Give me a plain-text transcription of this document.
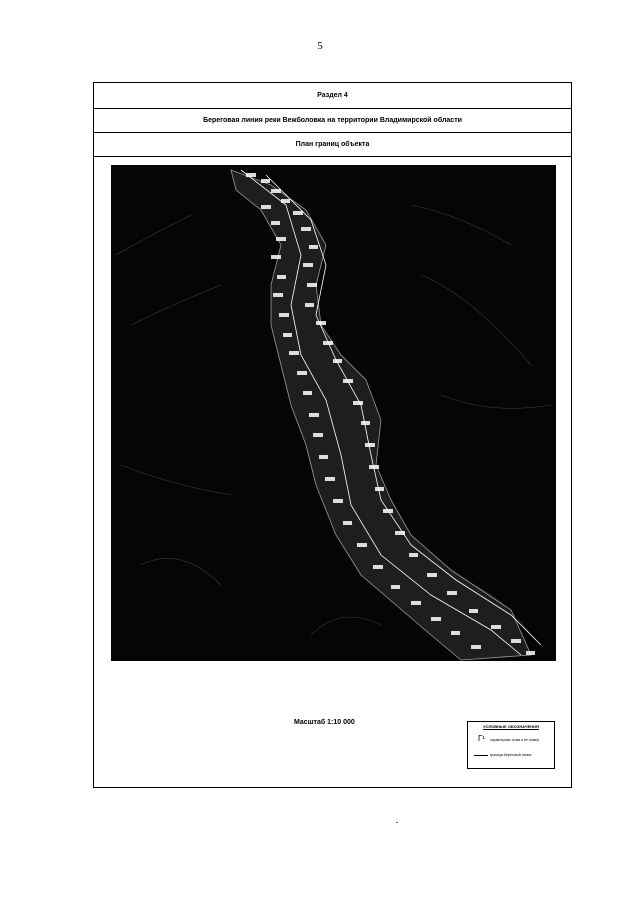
5
Раздел 4
Береговая линия реки Вежболовка на территории Владимирской области
План границ объекта
Масштаб 1:10 000
УСЛОВНЫЕ ОБОЗНАЧЕНИЯ
Г¹ характерная точка и ее номер
граница береговой линии
